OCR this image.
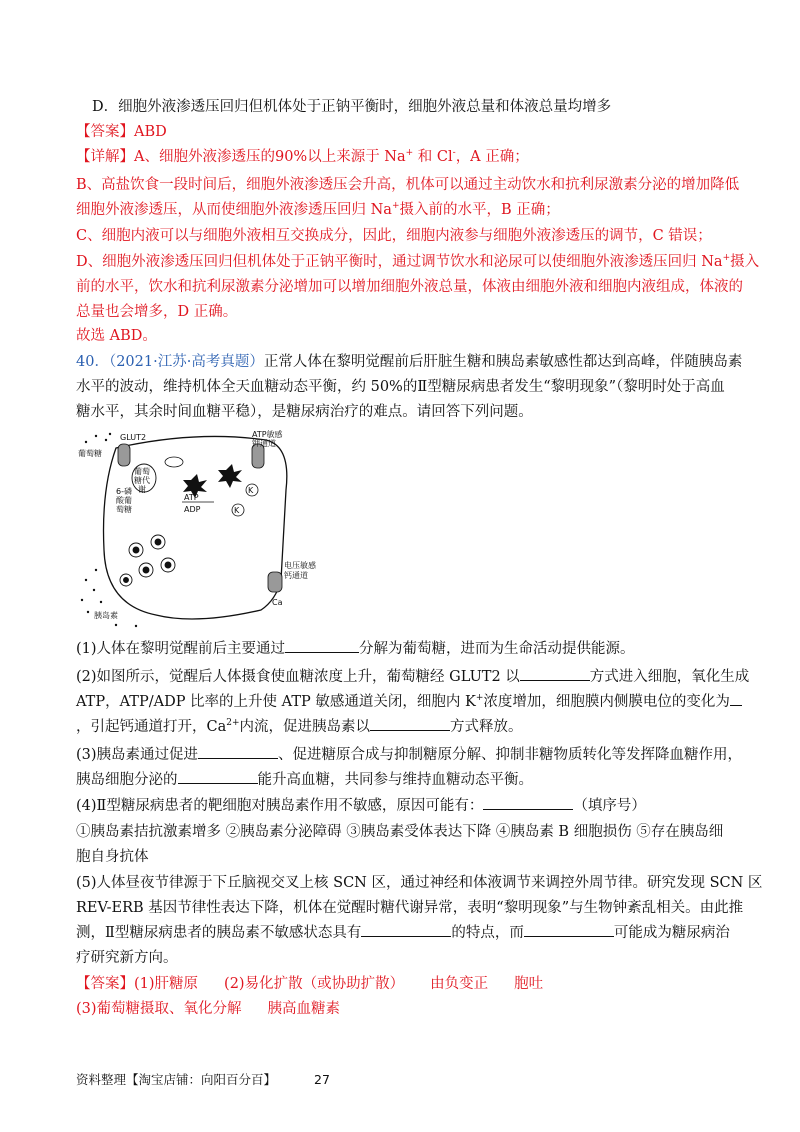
D．细胞外液渗透压回归但机体处于正钠平衡时，细胞外液总量和体液总量均增多
【答案】ABD
【详解】A、细胞外液渗透压的90%以上来源于 Na+ 和 Cl-，A 正确；
B、高盐饮食一段时间后，细胞外液渗透压会升高，机体可以通过主动饮水和抗利尿激素分泌的增加降低
细胞外液渗透压，从而使细胞外液渗透压回归 Na+摄入前的水平，B 正确；
C、细胞内液可以与细胞外液相互交换成分，因此，细胞内液参与细胞外液渗透压的调节，C 错误；
D、细胞外液渗透压回归但机体处于正钠平衡时，通过调节饮水和泌尿可以使细胞外液渗透压回归 Na+摄入
前的水平，饮水和抗利尿激素分泌增加可以增加细胞外液总量，体液由细胞外液和细胞内液组成，体液的
总量也会增多，D 正确。
故选 ABD。
40．（2021·江苏·高考真题）正常人体在黎明觉醒前后肝脏生糖和胰岛素敏感性都达到高峰，伴随胰岛素
水平的波动，维持机体全天血糖动态平衡，约 50%的Ⅱ型糖尿病患者发生“黎明现象”（黎明时处于高血
糖水平，其余时间血糖平稳），是糖尿病治疗的难点。请回答下列问题。
GLUT2
葡萄糖
ATP敏感
钾通道
葡萄
糖代
谢
6-磷
酸葡
萄糖
ATP
ADP
K
K
电压敏感
钙通道
Ca
胰岛素
(1)人体在黎明觉醒前后主要通过	分解为葡萄糖，进而为生命活动提供能源。
(2)如图所示，觉醒后人体摄食使血糖浓度上升，葡萄糖经 GLUT2 以	方式进入细胞，氧化生成
ATP，ATP/ADP 比率的上升使 ATP 敏感通道关闭，细胞内 K+浓度增加，细胞膜内侧膜电位的变化为
，引起钙通道打开，$Ca^{2+}$内流，促进胰岛素以	方式释放。
(3)胰岛素通过促进	、促进糖原合成与抑制糖原分解、抑制非糖物质转化等发挥降血糖作用，
胰岛细胞分泌的	能升高血糖，共同参与维持血糖动态平衡。
(4)Ⅱ型糖尿病患者的靶细胞对胰岛素作用不敏感，原因可能有：	（填序号）
①胰岛素拮抗激素增多 ②胰岛素分泌障碍 ③胰岛素受体表达下降 ④胰岛素 B 细胞损伤 ⑤存在胰岛细
胞自身抗体
(5)人体昼夜节律源于下丘脑视交叉上核 SCN 区，通过神经和体液调节来调控外周节律。研究发现 SCN 区
REV-ERB 基因节律性表达下降，机体在觉醒时糖代谢异常，表明“黎明现象”与生物钟紊乱相关。由此推
测，Ⅱ型糖尿病患者的胰岛素不敏感状态具有	的特点，而	可能成为糖尿病治
疗研究新方向。
【答案】(1)肝糖原 (2)易化扩散（或协助扩散） 由负变正 胞吐
(3)葡萄糖摄取、氧化分解 胰高血糖素
资料整理【淘宝店铺：向阳百分百】	27
